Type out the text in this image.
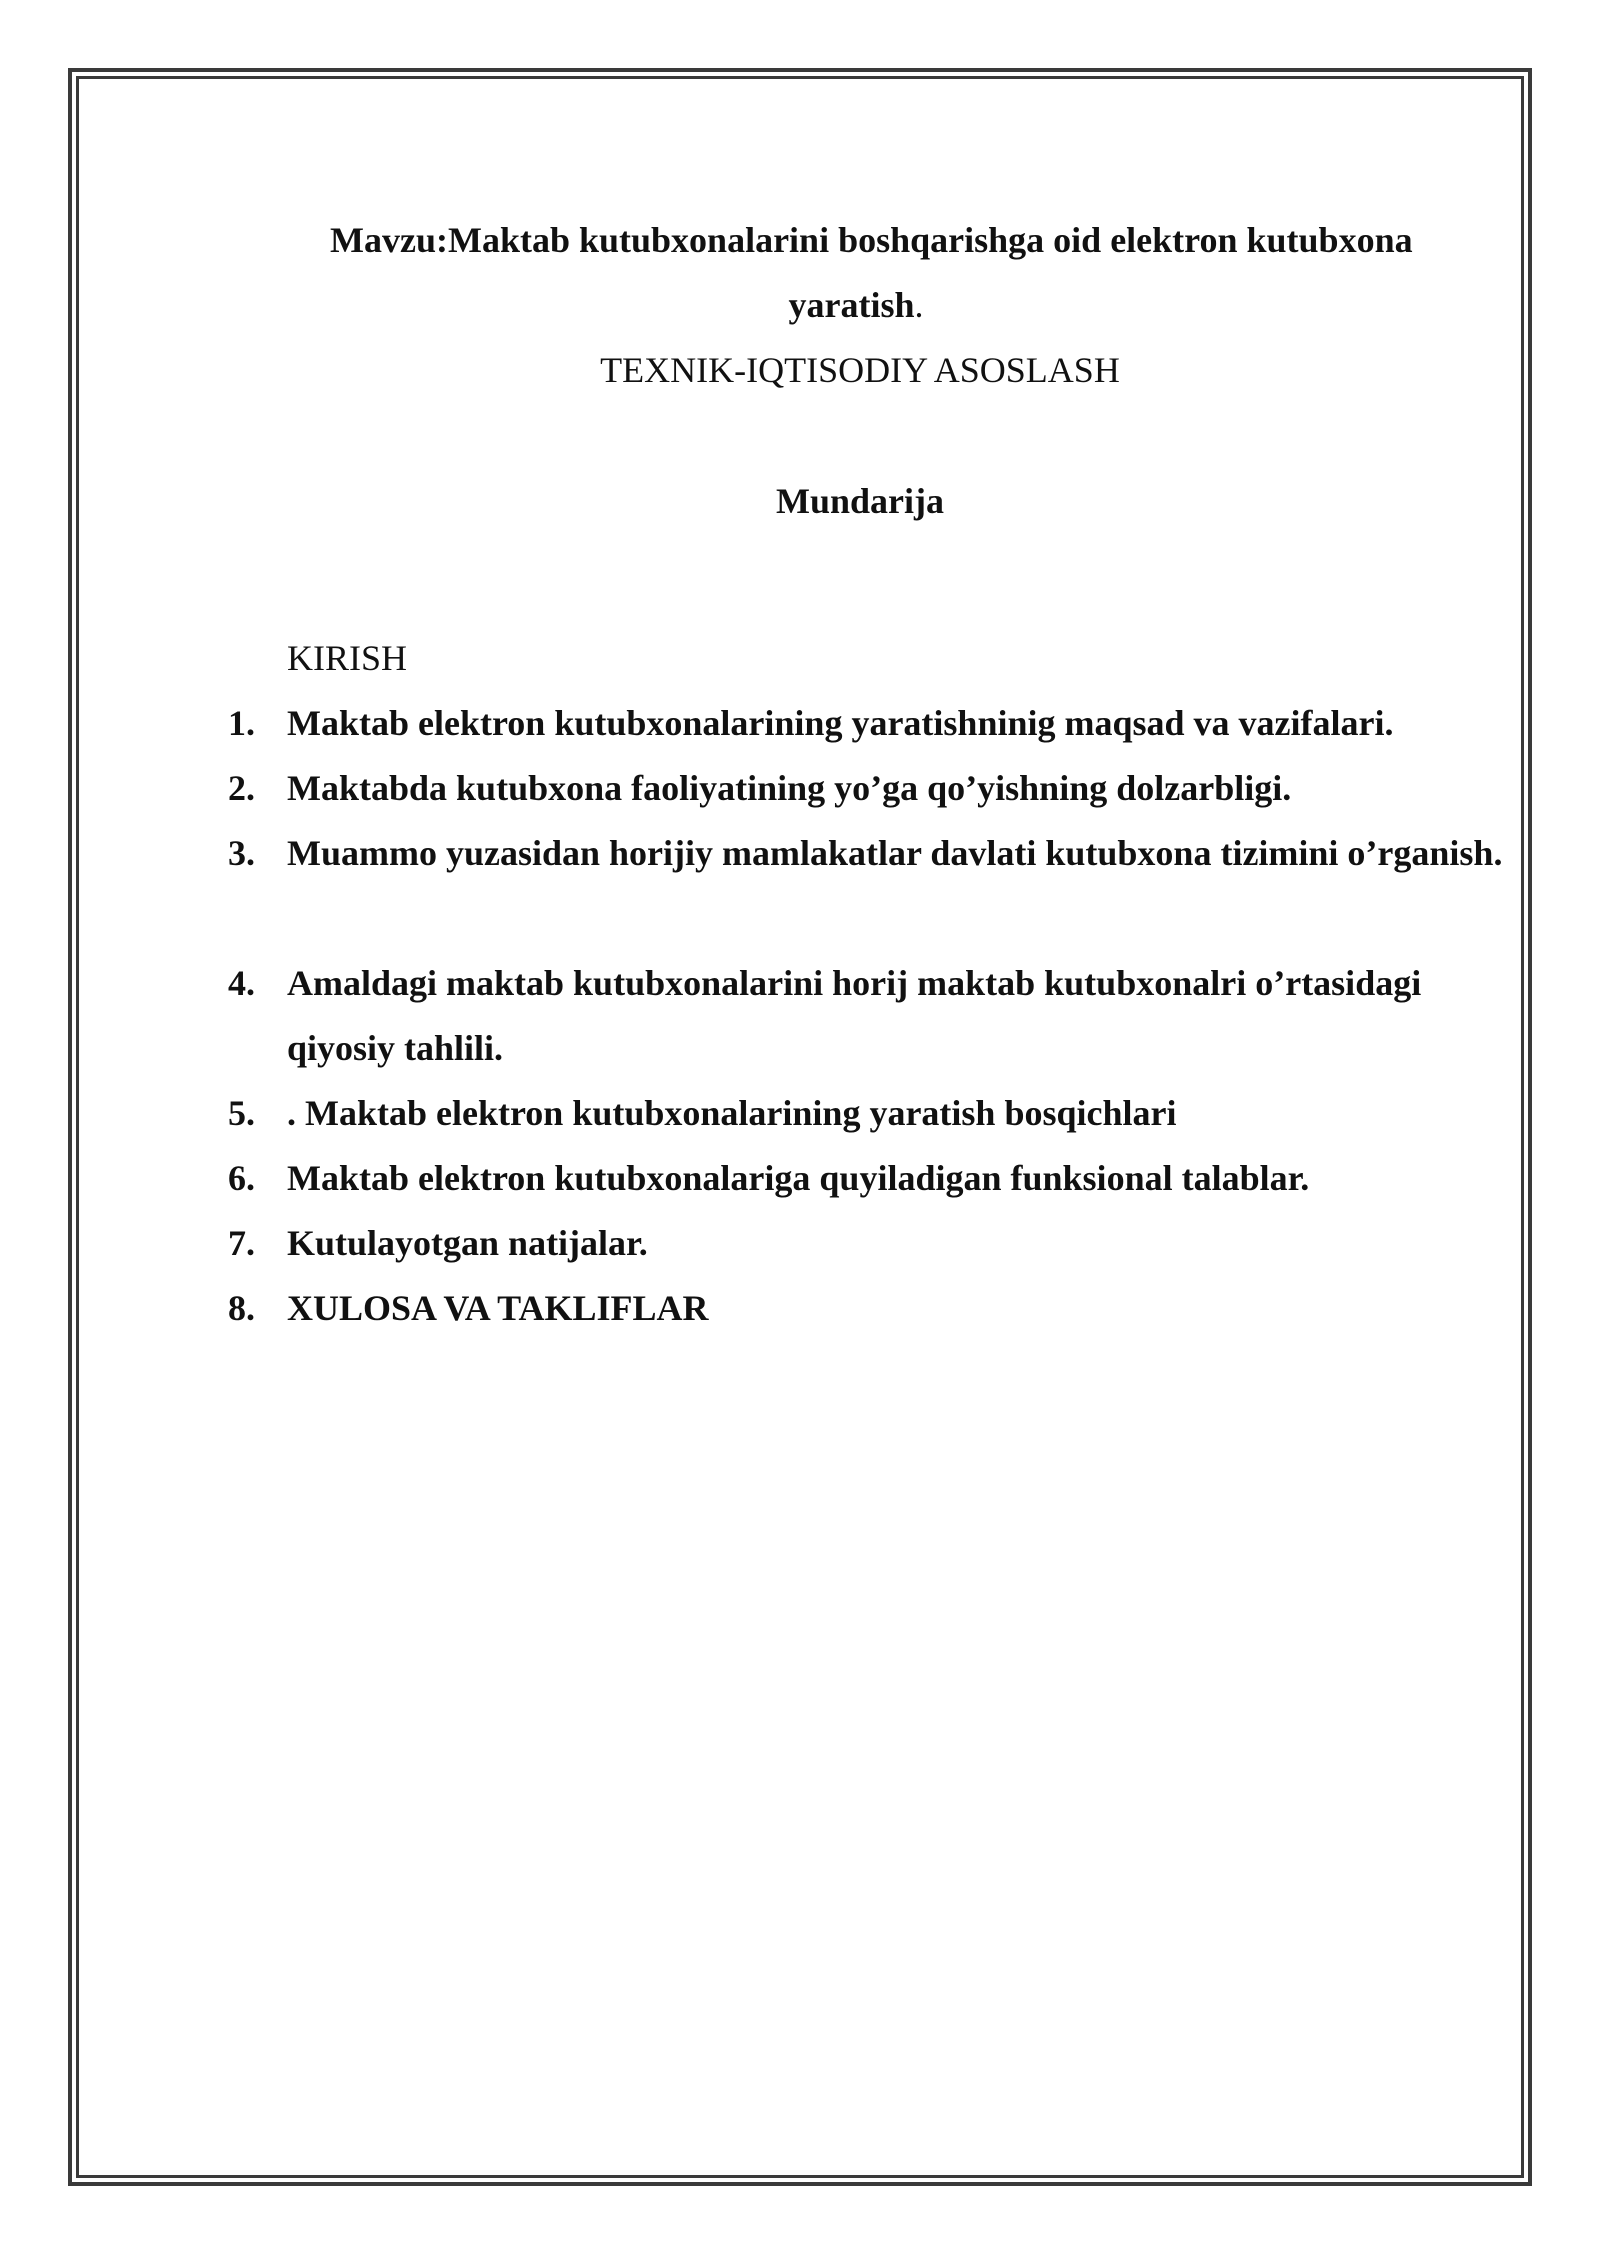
Mavzu:Maktab kutubxonalarini boshqarishga oid elektron kutubxona
yaratish.
TEXNIK-IQTISODIY ASOSLASH
Mundarija
KIRISH
1. Maktab elektron kutubxonalarining yaratishninig maqsad va vazifalari.
2. Maktabda kutubxona faoliyatining yo’ga qo’yishning dolzarbligi.
3. Muammo yuzasidan horijiy mamlakatlar davlati kutubxona tizimini o’rganish.
4. Amaldagi maktab kutubxonalarini horij maktab kutubxonalri o’rtasidagi qiyosiy tahlili.
5. . Maktab elektron kutubxonalarining yaratish bosqichlari
6. Maktab elektron kutubxonalariga quyiladigan funksional talablar.
7. Kutulayotgan natijalar.
8. XULOSA VA TAKLIFLAR
